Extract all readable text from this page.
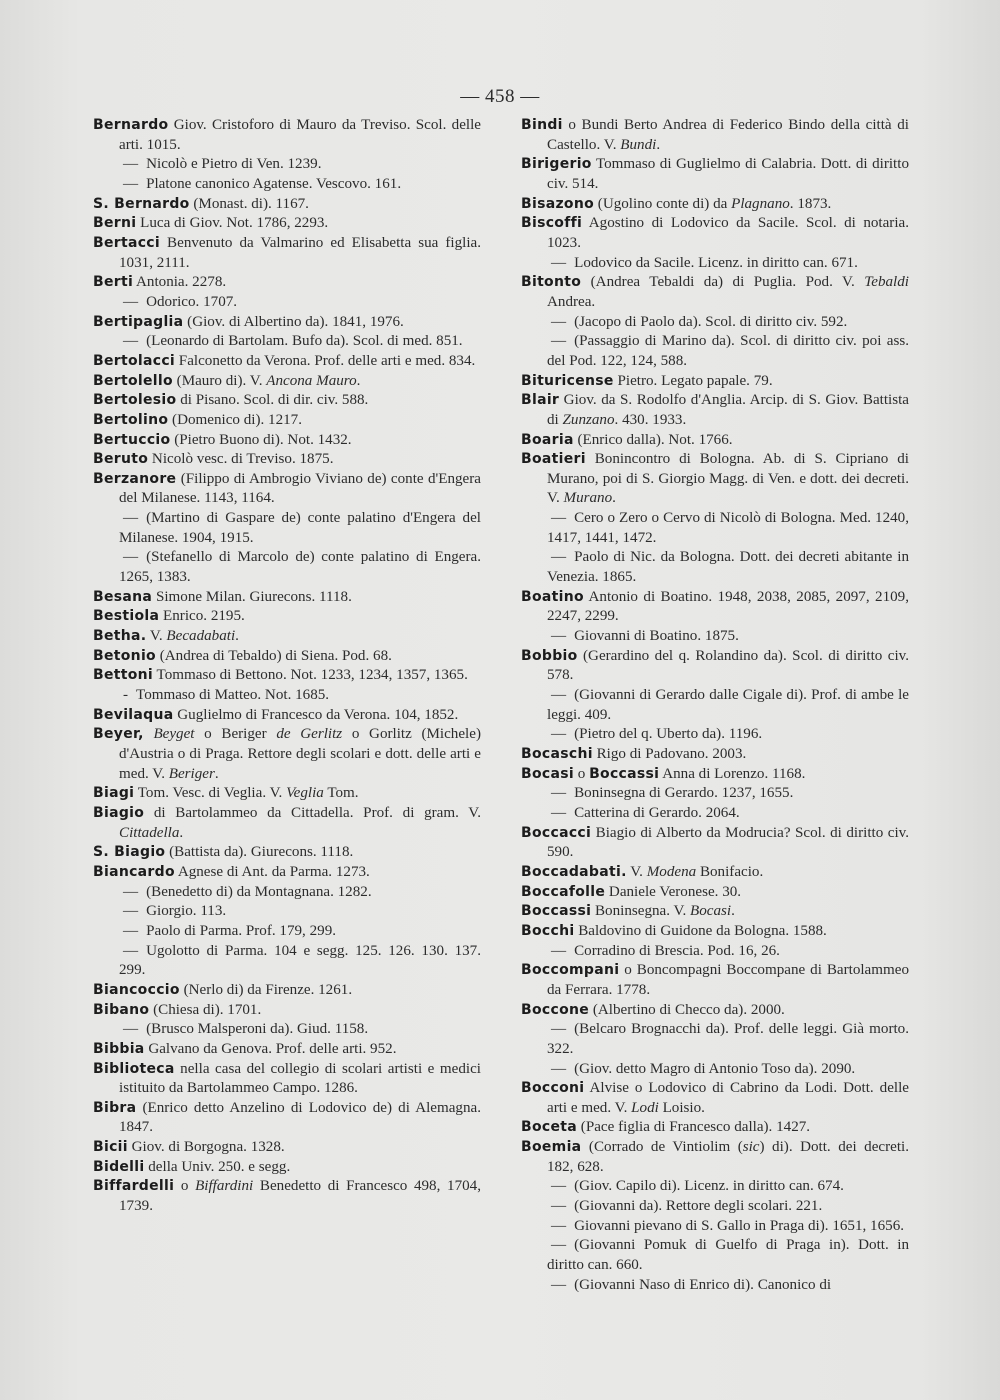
— 458 —
Bernardo Giov. Cristoforo di Mauro da Treviso. Scol. delle arti. 1015.
— Nicolò e Pietro di Ven. 1239.
— Platone canonico Agatense. Vescovo. 161.
S. Bernardo (Monast. di). 1167.
Berni Luca di Giov. Not. 1786, 2293.
Bertacci Benvenuto da Valmarino ed Elisabetta sua figlia. 1031, 2111.
Berti Antonia. 2278.
— Odorico. 1707.
Bertipaglia (Giov. di Albertino da). 1841, 1976.
— (Leonardo di Bartolam. Bufo da). Scol. di med. 851.
Bertolacci Falconetto da Verona. Prof. delle arti e med. 834.
Bertolello (Mauro di). V. Ancona Mauro.
Bertolesio di Pisano. Scol. di dir. civ. 588.
Bertolino (Domenico di). 1217.
Bertuccio (Pietro Buono di). Not. 1432.
Beruto Nicolò vesc. di Treviso. 1875.
Berzanore (Filippo di Ambrogio Viviano de) conte d'Engera del Milanese. 1143, 1164.
— (Martino di Gaspare de) conte palatino d'Engera del Milanese. 1904, 1915.
— (Stefanello di Marcolo de) conte palatino di Engera. 1265, 1383.
Besana Simone Milan. Giurecons. 1118.
Bestiola Enrico. 2195.
Betha. V. Becadabati.
Betonio (Andrea di Tebaldo) di Siena. Pod. 68.
Bettoni Tommaso di Bettono. Not. 1233, 1234, 1357, 1365.
- Tommaso di Matteo. Not. 1685.
Bevilaqua Guglielmo di Francesco da Verona. 104, 1852.
Beyer, Beyget o Beriger de Gerlitz o Gorlitz (Michele) d'Austria o di Praga. Rettore degli scolari e dott. delle arti e med. V. Beriger.
Biagi Tom. Vesc. di Veglia. V. Veglia Tom.
Biagio di Bartolammeo da Cittadella. Prof. di gram. V. Cittadella.
S. Biagio (Battista da). Giurecons. 1118.
Biancardo Agnese di Ant. da Parma. 1273.
— (Benedetto di) da Montagnana. 1282.
— Giorgio. 113.
— Paolo di Parma. Prof. 179, 299.
— Ugolotto di Parma. 104 e segg. 125. 126. 130. 137. 299.
Biancoccio (Nerlo di) da Firenze. 1261.
Bibano (Chiesa di). 1701.
— (Brusco Malsperoni da). Giud. 1158.
Bibbia Galvano da Genova. Prof. delle arti. 952.
Biblioteca nella casa del collegio di scolari artisti e medici istituito da Bartolammeo Campo. 1286.
Bibra (Enrico detto Anzelino di Lodovico de) di Alemagna. 1847.
Bicii Giov. di Borgogna. 1328.
Bidelli della Univ. 250. e segg.
Biffardelli o Biffardini Benedetto di Francesco 498, 1704, 1739.
Bindi o Bundi Berto Andrea di Federico Bindo della città di Castello. V. Bundi.
Birigerio Tommaso di Guglielmo di Calabria. Dott. di diritto civ. 514.
Bisazono (Ugolino conte di) da Plagnano. 1873.
Biscoffi Agostino di Lodovico da Sacile. Scol. di notaria. 1023.
— Lodovico da Sacile. Licenz. in diritto can. 671.
Bitonto (Andrea Tebaldi da) di Puglia. Pod. V. Tebaldi Andrea.
— (Jacopo di Paolo da). Scol. di diritto civ. 592.
— (Passaggio di Marino da). Scol. di diritto civ. poi ass. del Pod. 122, 124, 588.
Bituricense Pietro. Legato papale. 79.
Blair Giov. da S. Rodolfo d'Anglia. Arcip. di S. Giov. Battista di Zunzano. 430. 1933.
Boaria (Enrico dalla). Not. 1766.
Boatieri Bonincontro di Bologna. Ab. di S. Cipriano di Murano, poi di S. Giorgio Magg. di Ven. e dott. dei decreti. V. Murano.
— Cero o Zero o Cervo di Nicolò di Bologna. Med. 1240, 1417, 1441, 1472.
— Paolo di Nic. da Bologna. Dott. dei decreti abitante in Venezia. 1865.
Boatino Antonio di Boatino. 1948, 2038, 2085, 2097, 2109, 2247, 2299.
— Giovanni di Boatino. 1875.
Bobbio (Gerardino del q. Rolandino da). Scol. di diritto civ. 578.
— (Giovanni di Gerardo dalle Cigale di). Prof. di ambe le leggi. 409.
— (Pietro del q. Uberto da). 1196.
Bocaschi Rigo di Padovano. 2003.
Bocasi o Boccassi Anna di Lorenzo. 1168.
— Boninsegna di Gerardo. 1237, 1655.
— Catterina di Gerardo. 2064.
Boccacci Biagio di Alberto da Modrucia? Scol. di diritto civ. 590.
Boccadabati. V. Modena Bonifacio.
Boccafolle Daniele Veronese. 30.
Boccassi Boninsegna. V. Bocasi.
Bocchi Baldovino di Guidone da Bologna. 1588.
— Corradino di Brescia. Pod. 16, 26.
Boccompani o Boncompagni Boccompane di Bartolammeo da Ferrara. 1778.
Boccone (Albertino di Checco da). 2000.
— (Belcaro Brognacchi da). Prof. delle leggi. Già morto. 322.
— (Giov. detto Magro di Antonio Toso da). 2090.
Bocconi Alvise o Lodovico di Cabrino da Lodi. Dott. delle arti e med. V. Lodi Loisio.
Boceta (Pace figlia di Francesco dalla). 1427.
Boemia (Corrado de Vintiolim (sic) di). Dott. dei decreti. 182, 628.
— (Giov. Capilo di). Licenz. in diritto can. 674.
— (Giovanni da). Rettore degli scolari. 221.
— Giovanni pievano di S. Gallo in Praga di). 1651, 1656.
— (Giovanni Pomuk di Guelfo di Praga in). Dott. in diritto can. 660.
— (Giovanni Naso di Enrico di). Canonico di
